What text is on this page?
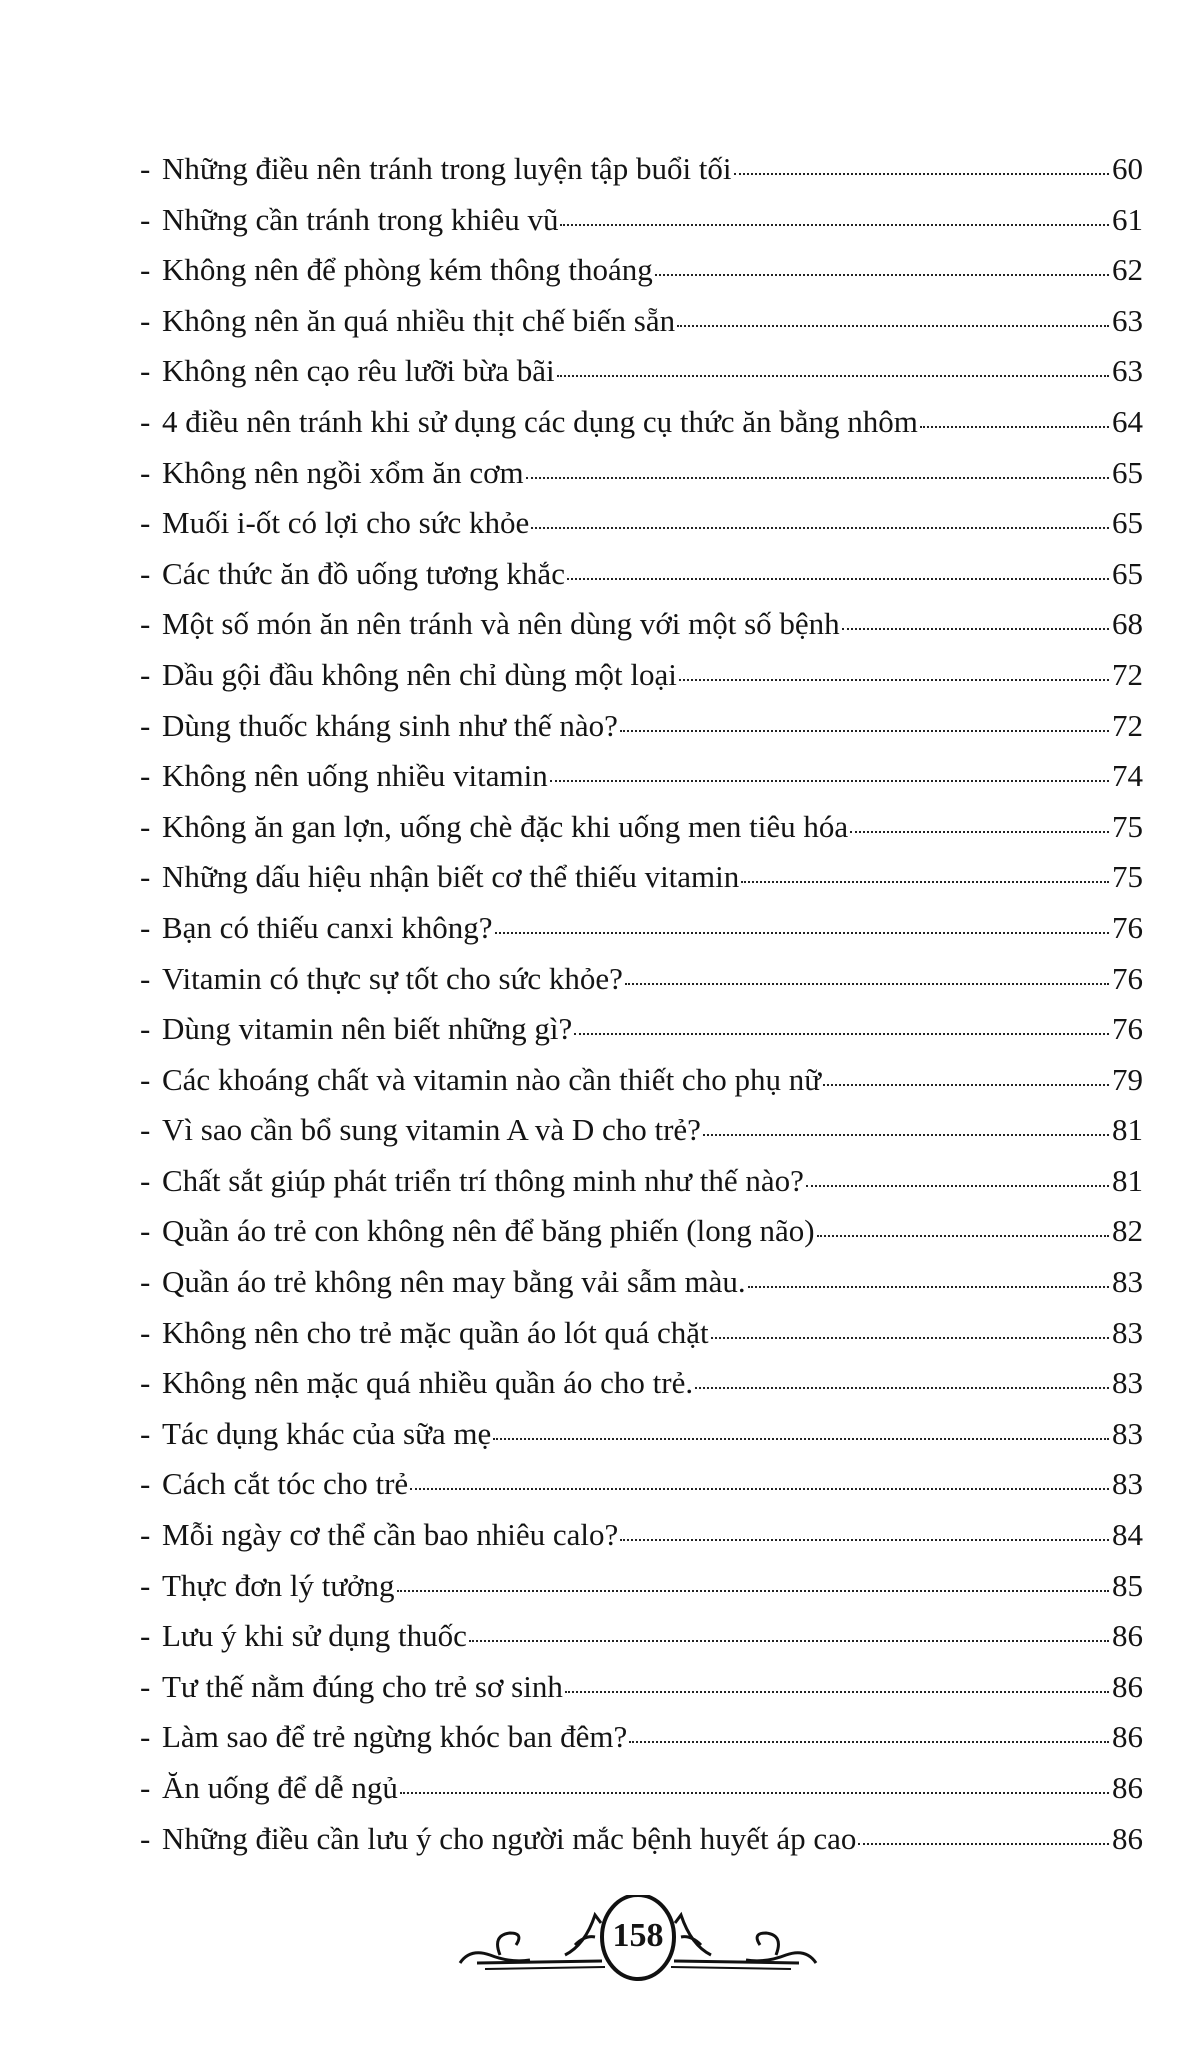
- Những điều nên tránh trong luyện tập buổi tối	60
- Những cần tránh trong khiêu vũ	61
- Không nên để phòng kém thông thoáng	62
- Không nên ăn quá nhiều thịt chế biến sẵn	63
- Không nên cạo rêu lưỡi bừa bãi	63
- 4 điều nên tránh khi sử dụng các dụng cụ thức ăn bằng nhôm	64
- Không nên ngồi xổm ăn cơm	65
- Muối i-ốt có lợi cho sức khỏe	65
- Các thức ăn đồ uống tương khắc	65
- Một số món ăn nên tránh và nên dùng với một số bệnh	68
- Dầu gội đầu không nên chỉ dùng một loại	72
- Dùng thuốc kháng sinh như thế nào?	72
- Không nên uống nhiều vitamin	74
- Không ăn gan lợn, uống chè đặc khi uống men tiêu hóa	75
- Những dấu hiệu nhận biết cơ thể thiếu vitamin	75
- Bạn có thiếu canxi không?	76
- Vitamin có thực sự tốt cho sức khỏe?	76
- Dùng vitamin nên biết những gì?	76
- Các khoáng chất và vitamin nào cần thiết cho phụ nữ	79
- Vì sao cần bổ sung vitamin A và D cho trẻ?	81
- Chất sắt giúp phát triển trí thông minh như thế nào?	81
- Quần áo trẻ con không nên để băng phiến (long não)	82
- Quần áo trẻ không nên may bằng vải sẫm màu.	83
- Không nên cho trẻ mặc quần áo lót quá chặt	83
- Không nên mặc quá nhiều quần áo cho trẻ.	83
- Tác dụng khác của sữa mẹ	83
- Cách cắt tóc cho trẻ	83
- Mỗi ngày cơ thể cần bao nhiêu calo?	84
- Thực đơn lý tưởng	85
- Lưu ý khi sử dụng thuốc	86
- Tư thế nằm đúng cho trẻ sơ sinh	86
- Làm sao để trẻ ngừng khóc ban đêm?	86
- Ăn uống để dễ ngủ	86
- Những điều cần lưu ý cho người mắc bệnh huyết áp cao	86
158
